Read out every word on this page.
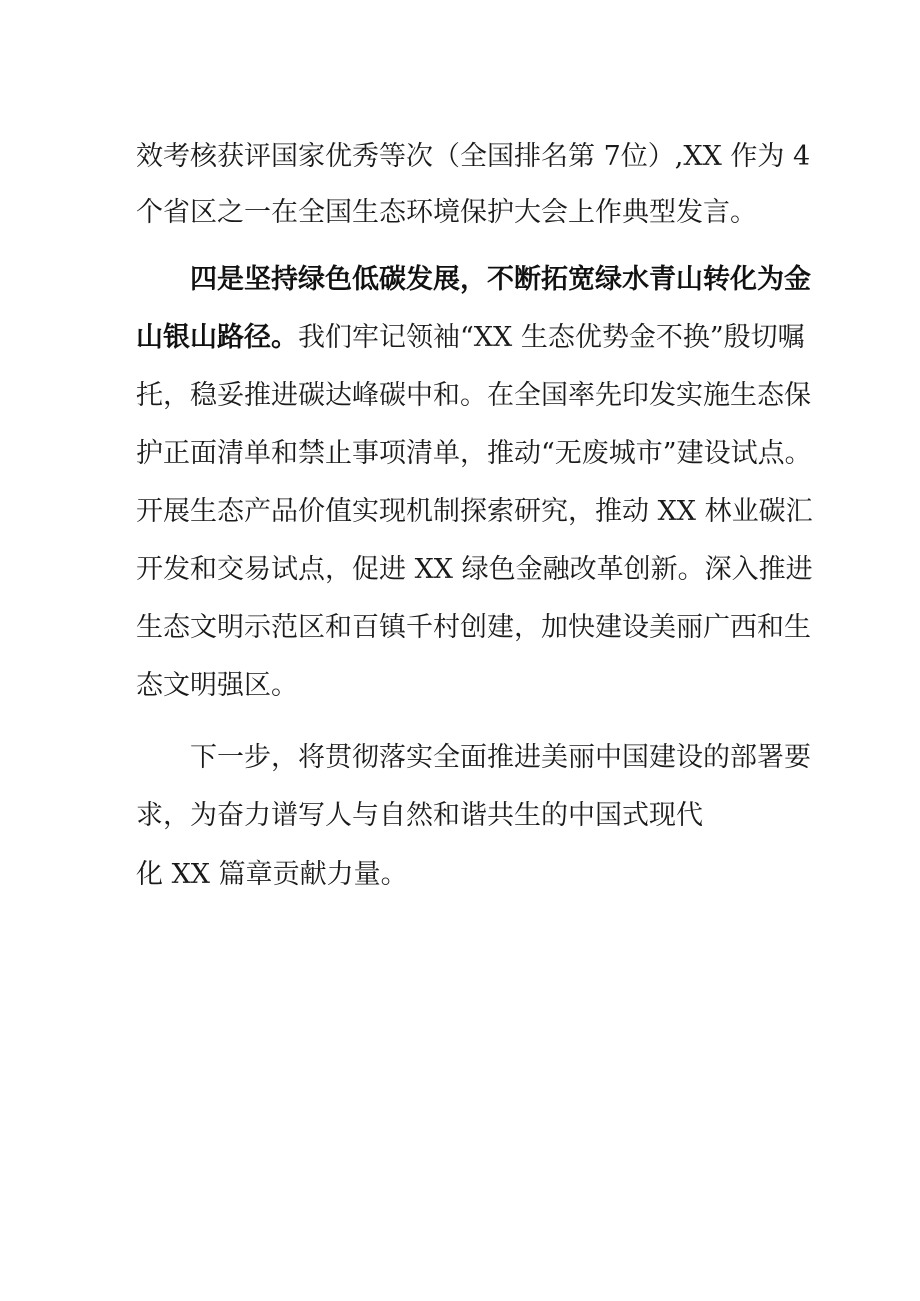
效考核获评国家优秀等次（全国排名第 7位）,XX 作为 4

个省区之一在全国生态环境保护大会上作典型发言。

四是坚持绿色低碳发展，不断拓宽绿水青山转化为金

山银山路径。我们牢记领袖“XX 生态优势金不换”殷切嘱

托，稳妥推进碳达峰碳中和。在全国率先印发实施生态保

护正面清单和禁止事项清单，推动“无废城市”建设试点。

开展生态产品价值实现机制探索研究，推动 XX 林业碳汇

开发和交易试点，促进 XX 绿色金融改革创新。深入推进

生态文明示范区和百镇千村创建，加快建设美丽广西和生

态文明强区。

下一步，将贯彻落实全面推进美丽中国建设的部署要

求，为奋力谱写人与自然和谐共生的中国式现代

化 XX 篇章贡献力量。
